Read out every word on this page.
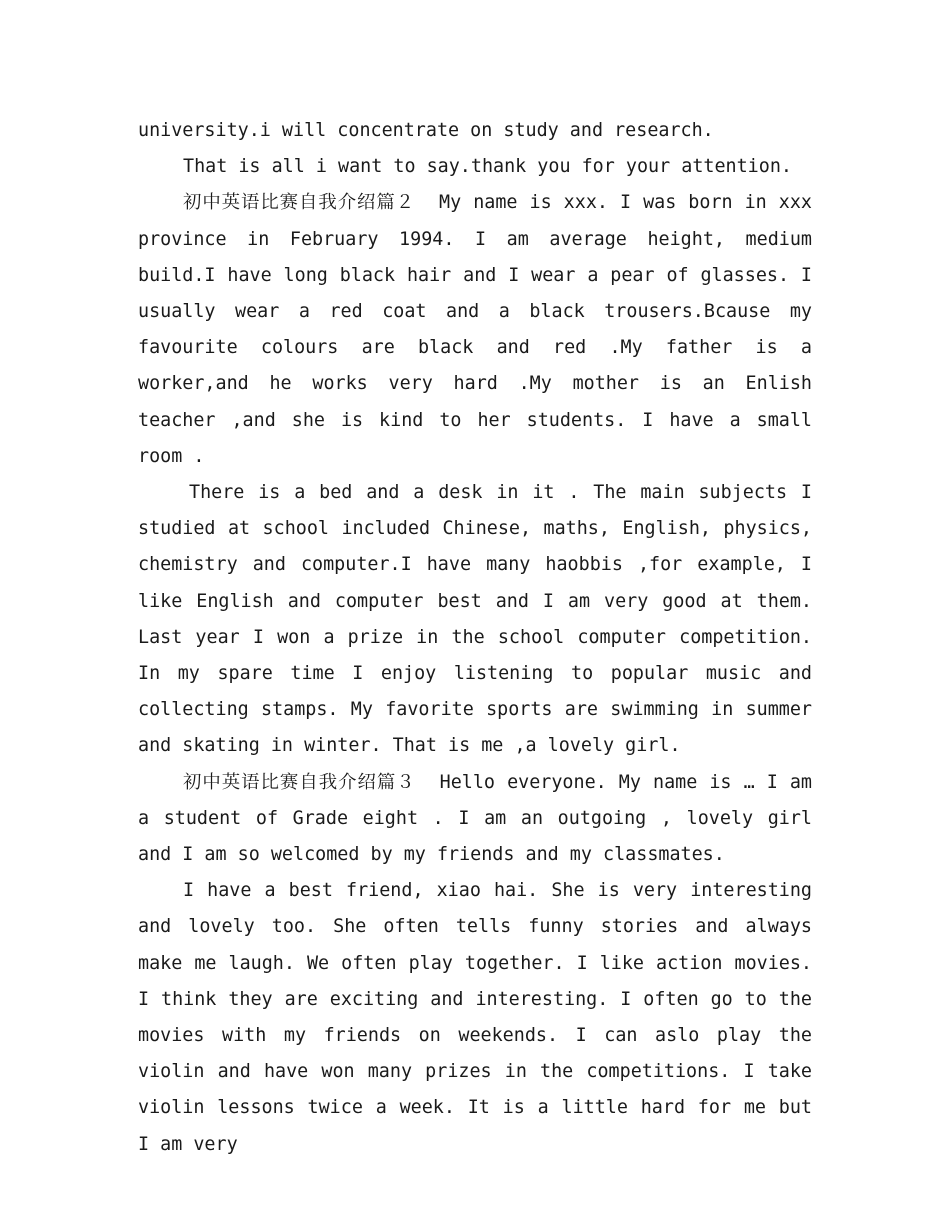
university.i will concentrate on study and research.

That is all i want to say.thank you for your attention.

初中英语比赛自我介绍篇２ My name is xxx. I was born in xxx province in February 1994. I am average height, medium build.I have long black hair and I wear a pear of glasses. I usually wear a red coat and a black trousers.Bcause my favourite colours are black and red .My father is a worker,and he works very hard .My mother is an Enlish teacher ,and she is kind to her students. I have a small room .

There is a bed and a desk in it . The main subjects I studied at school included Chinese, maths, English, physics, chemistry and computer.I have many haobbis ,for example, I like English and computer best and I am very good at them. Last year I won a prize in the school computer competition. In my spare time I enjoy listening to popular music and collecting stamps. My favorite sports are swimming in summer and skating in winter. That is me ,a lovely girl.

初中英语比赛自我介绍篇３ Hello everyone. My name is … I am a student of Grade eight . I am an outgoing , lovely girl and I am so welcomed by my friends and my classmates.

I have a best friend, xiao hai. She is very interesting and lovely too. She often tells funny stories and always make me laugh. We often play together. I like action movies. I think they are exciting and interesting. I often go to the movies with my friends on weekends. I can aslo play the violin and have won many prizes in the competitions. I take violin lessons twice a week. It is a little hard for me but I am very
